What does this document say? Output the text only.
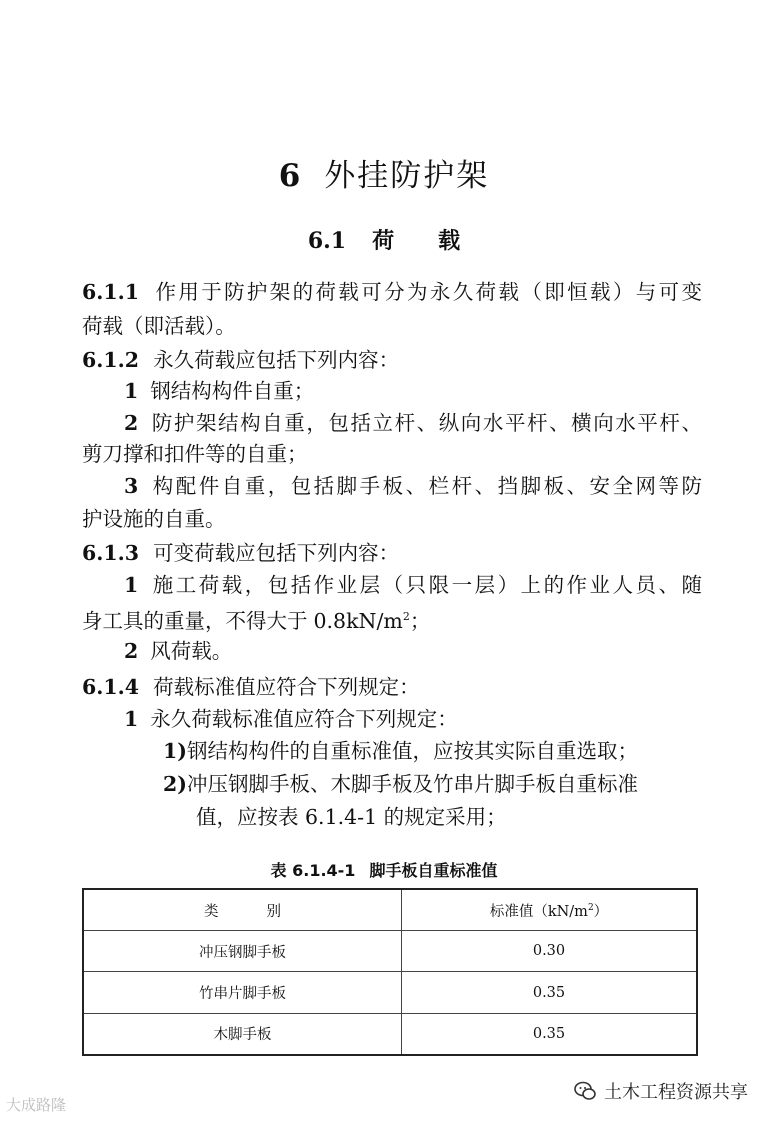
6 外挂防护架
6.1 荷 载
6.1.1 作用于防护架的荷载可分为永久荷载（即恒载）与可变
荷载（即活载）。
6.1.2 永久荷载应包括下列内容：
1 钢结构构件自重；
2 防护架结构自重，包括立杆、纵向水平杆、横向水平杆、
剪刀撑和扣件等的自重；
3 构配件自重，包括脚手板、栏杆、挡脚板、安全网等防
护设施的自重。
6.1.3 可变荷载应包括下列内容：
1 施工荷载，包括作业层（只限一层）上的作业人员、随
身工具的重量，不得大于 $0.8kN/m^2$；
2 风荷载。
6.1.4 荷载标准值应符合下列规定：
1 永久荷载标准值应符合下列规定：
1)钢结构构件的自重标准值，应按其实际自重选取；
2)冲压钢脚手板、木脚手板及竹串片脚手板自重标准
值，应按表 6.1.4-1 的规定采用；
表 6.1.4-1 脚手板自重标准值
类 别	标准值$(kN/m^2)$
冲压钢脚手板	0.30
竹串片脚手板	0.35
木脚手板	0.35
大成路隆
土木工程资源共享
